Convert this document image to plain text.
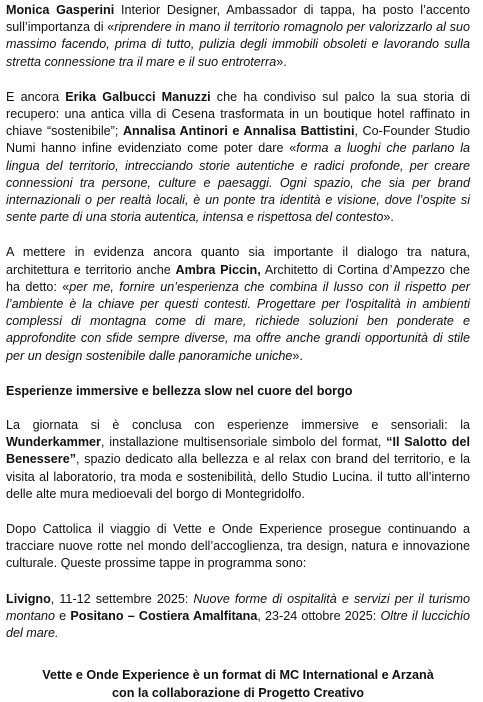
Monica Gasperini Interior Designer, Ambassador di tappa, ha posto l’accento sull’importanza di «riprendere in mano il territorio romagnolo per valorizzarlo al suo massimo facendo, prima di tutto, pulizia degli immobili obsoleti e lavorando sulla stretta connessione tra il mare e il suo entroterra».

E ancora Erika Galbucci Manuzzi che ha condiviso sul palco la sua storia di recupero: una antica villa di Cesena trasformata in un boutique hotel raffinato in chiave “sostenibile”; Annalisa Antinori e Annalisa Battistini, Co-Founder Studio Numi hanno infine evidenziato come poter dare «forma a luoghi che parlano la lingua del territorio, intrecciando storie autentiche e radici profonde, per creare connessioni tra persone, culture e paesaggi. Ogni spazio, che sia per brand internazionali o per realtà locali, è un ponte tra identità e visione, dove l’ospite si sente parte di una storia autentica, intensa e rispettosa del contesto».

A mettere in evidenza ancora quanto sia importante il dialogo tra natura, architettura e territorio anche Ambra Piccin, Architetto di Cortina d’Ampezzo che ha detto: «per me, fornire un’esperienza che combina il lusso con il rispetto per l’ambiente è la chiave per questi contesti. Progettare per l'ospitalità in ambienti complessi di montagna come di mare, richiede soluzioni ben ponderate e approfondite con sfide sempre diverse, ma offre anche grandi opportunità di stile per un design sostenibile dalle panoramiche uniche».

Esperienze immersive e bellezza slow nel cuore del borgo

La giornata si è conclusa con esperienze immersive e sensoriali: la Wunderkammer, installazione multisensoriale simbolo del format, “Il Salotto del Benessere”, spazio dedicato alla bellezza e al relax con brand del territorio, e la visita al laboratorio, tra moda e sostenibilità, dello Studio Lucina. il tutto all’interno delle alte mura medioevali del borgo di Montegridolfo.

Dopo Cattolica il viaggio di Vette e Onde Experience prosegue continuando a tracciare nuove rotte nel mondo dell’accoglienza, tra design, natura e innovazione culturale. Queste prossime tappe in programma sono:

Livigno, 11-12 settembre 2025: Nuove forme di ospitalità e servizi per il turismo montano e Positano – Costiera Amalfitana, 23-24 ottobre 2025: Oltre il luccichio del mare.

Vette e Onde Experience è un format di MC International e Arzanà
con la collaborazione di Progetto Creativo
